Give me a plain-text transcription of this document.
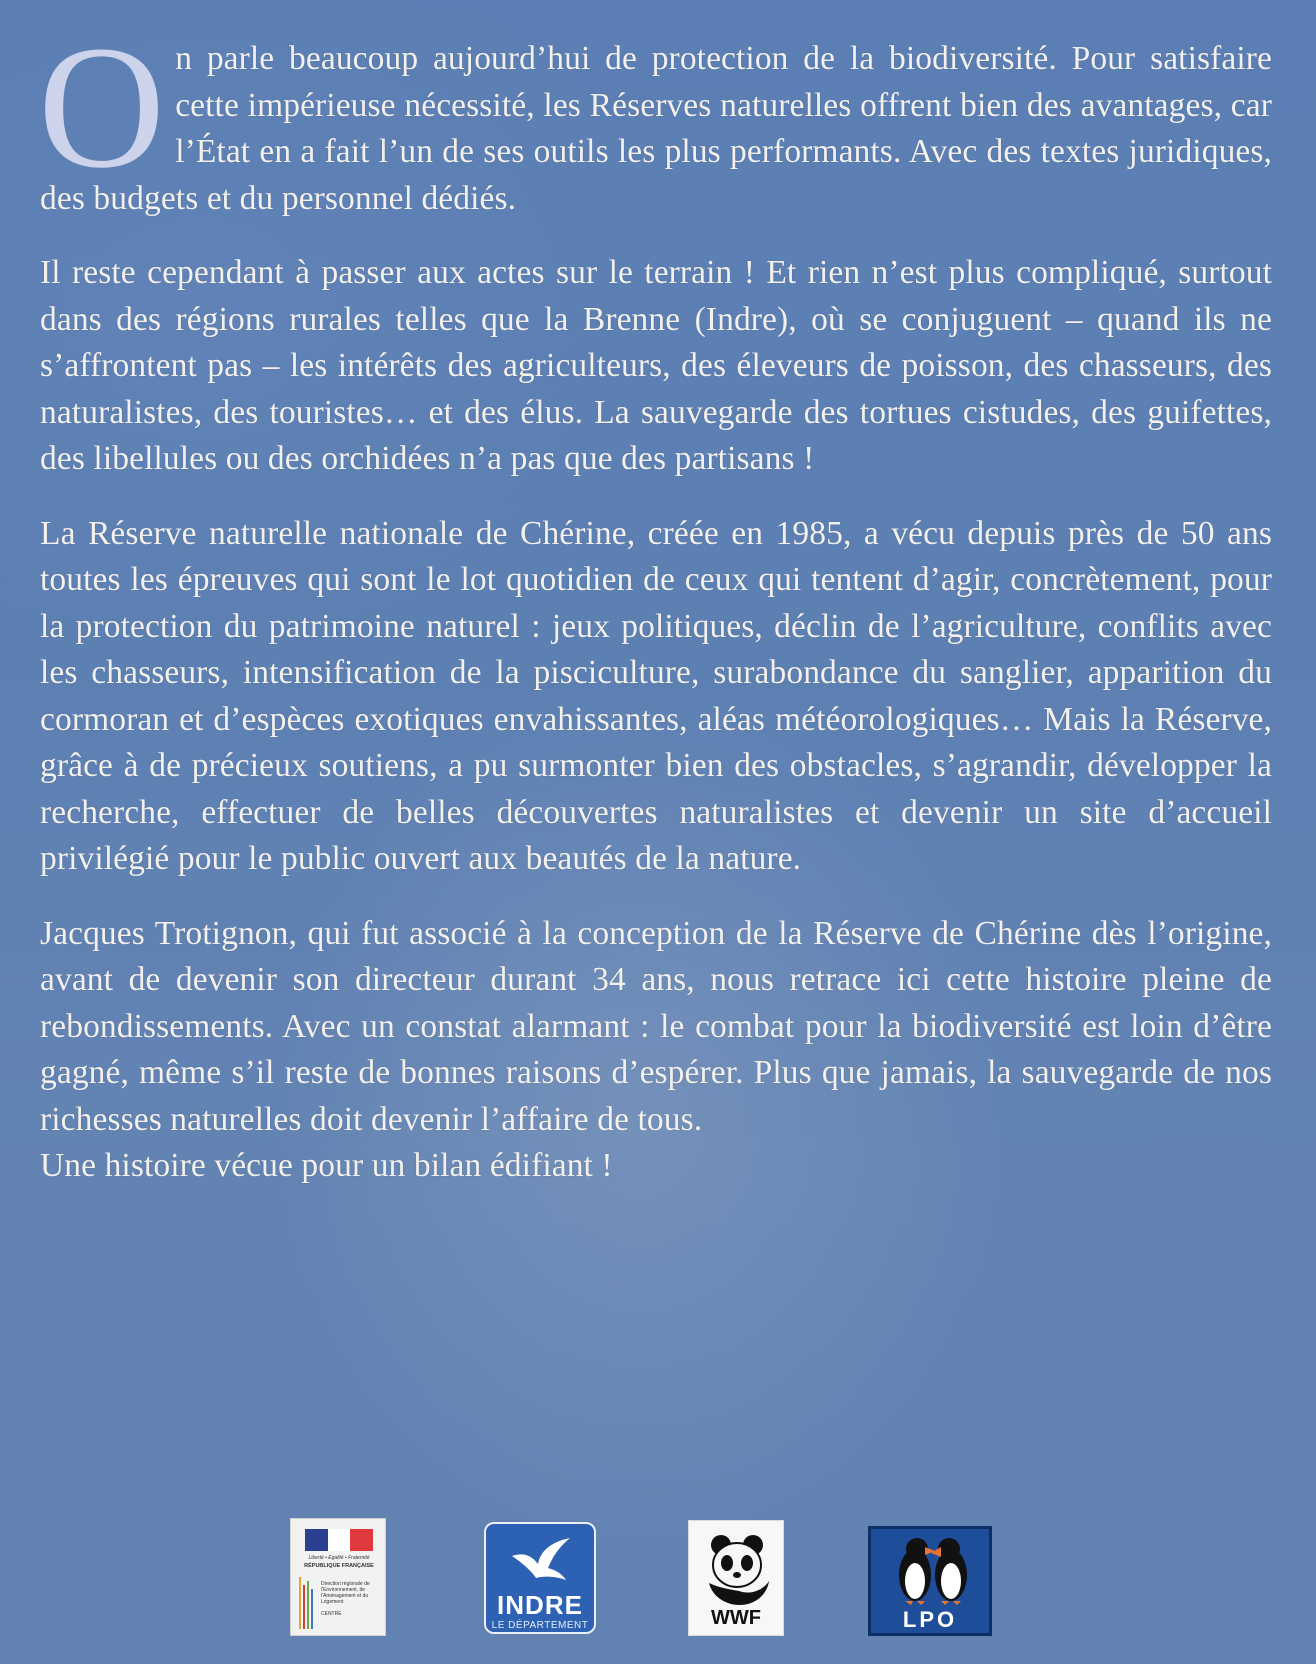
On parle beaucoup aujourd’hui de protection de la biodiversité. Pour satisfaire cette impérieuse nécessité, les Réserves naturelles offrent bien des avantages, car l’État en a fait l’un de ses outils les plus performants. Avec des textes juridiques, des budgets et du personnel dédiés.

Il reste cependant à passer aux actes sur le terrain ! Et rien n’est plus compliqué, surtout dans des régions rurales telles que la Brenne (Indre), où se conjuguent – quand ils ne s’affrontent pas – les intérêts des agriculteurs, des éleveurs de poisson, des chasseurs, des naturalistes, des touristes… et des élus. La sauvegarde des tortues cistudes, des guifettes, des libellules ou des orchidées n’a pas que des partisans !

La Réserve naturelle nationale de Chérine, créée en 1985, a vécu depuis près de 50 ans toutes les épreuves qui sont le lot quotidien de ceux qui tentent d’agir, concrètement, pour la protection du patrimoine naturel : jeux politiques, déclin de l’agriculture, conflits avec les chasseurs, intensification de la pisciculture, surabondance du sanglier, apparition du cormoran et d’espèces exotiques envahissantes, aléas météorologiques… Mais la Réserve, grâce à de précieux soutiens, a pu surmonter bien des obstacles, s’agrandir, développer la recherche, effectuer de belles découvertes naturalistes et devenir un site d’accueil privilégié pour le public ouvert aux beautés de la nature.

Jacques Trotignon, qui fut associé à la conception de la Réserve de Chérine dès l’origine, avant de devenir son directeur durant 34 ans, nous retrace ici cette histoire pleine de rebondissements. Avec un constat alarmant : le combat pour la biodiversité est loin d’être gagné, même s’il reste de bonnes raisons d’espérer. Plus que jamais, la sauvegarde de nos richesses naturelles doit devenir l’affaire de tous.

Une histoire vécue pour un bilan édifiant !

Liberté • Égalité • Fraternité
RÉPUBLIQUE FRANÇAISE
Direction régionale de l'Environnement, de l'Aménagement et du Logement

CENTRE	INDRE
LE DÉPARTEMENT	WWF	LPO
